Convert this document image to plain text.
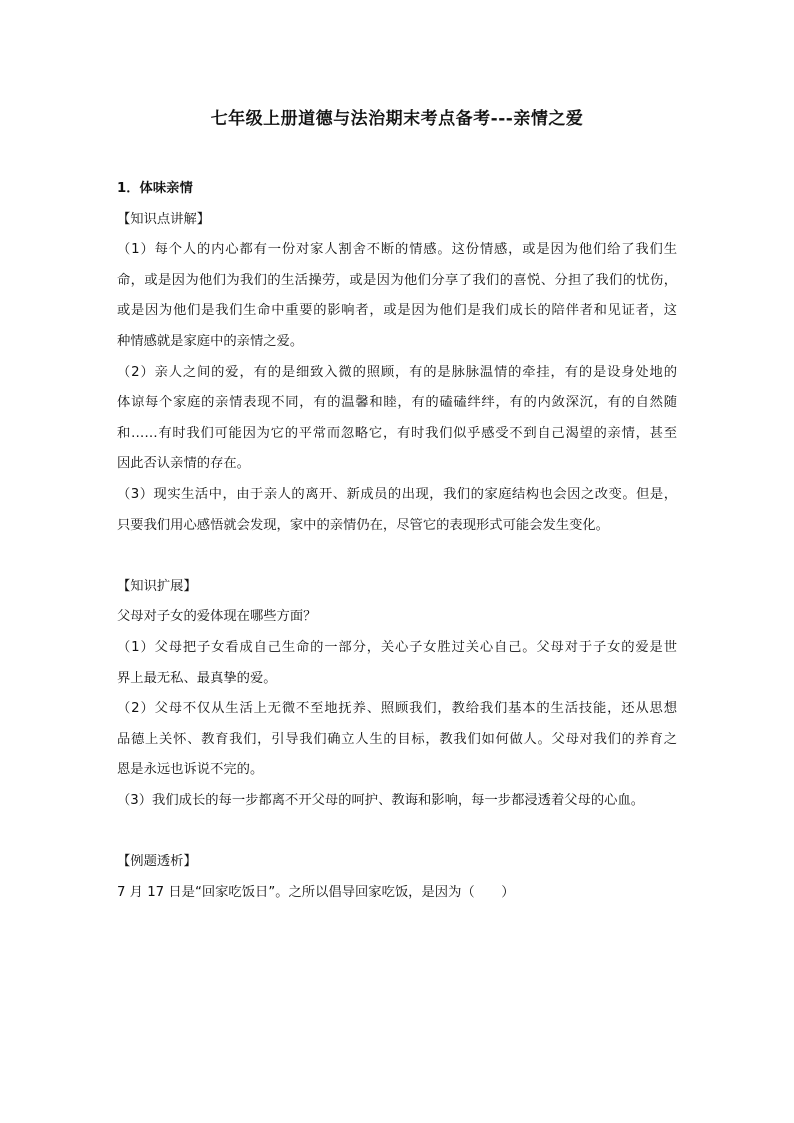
七年级上册道德与法治期末考点备考---亲情之爱
1．体味亲情
【知识点讲解】
（1）每个人的内心都有一份对家人割舍不断的情感。这份情感，或是因为他们给了我们生
命，或是因为他们为我们的生活操劳，或是因为他们分享了我们的喜悦、分担了我们的忧伤，
或是因为他们是我们生命中重要的影响者，或是因为他们是我们成长的陪伴者和见证者，这
种情感就是家庭中的亲情之爱。
（2）亲人之间的爱，有的是细致入微的照顾，有的是脉脉温情的牵挂，有的是设身处地的
体谅每个家庭的亲情表现不同，有的温馨和睦，有的磕磕绊绊，有的内敛深沉，有的自然随
和……有时我们可能因为它的平常而忽略它，有时我们似乎感受不到自己渴望的亲情，甚至
因此否认亲情的存在。
（3）现实生活中，由于亲人的离开、新成员的出现，我们的家庭结构也会因之改变。但是，
只要我们用心感悟就会发现，家中的亲情仍在，尽管它的表现形式可能会发生变化。
【知识扩展】
父母对子女的爱体现在哪些方面？
（1）父母把子女看成自己生命的一部分，关心子女胜过关心自己。父母对于子女的爱是世
界上最无私、最真挚的爱。
（2）父母不仅从生活上无微不至地抚养、照顾我们，教给我们基本的生活技能，还从思想
品德上关怀、教育我们，引导我们确立人生的目标，教我们如何做人。父母对我们的养育之
恩是永远也诉说不完的。
（3）我们成长的每一步都离不开父母的呵护、教诲和影响，每一步都浸透着父母的心血。
【例题透析】
7 月 17 日是“回家吃饭日”。之所以倡导回家吃饭，是因为（　　）
